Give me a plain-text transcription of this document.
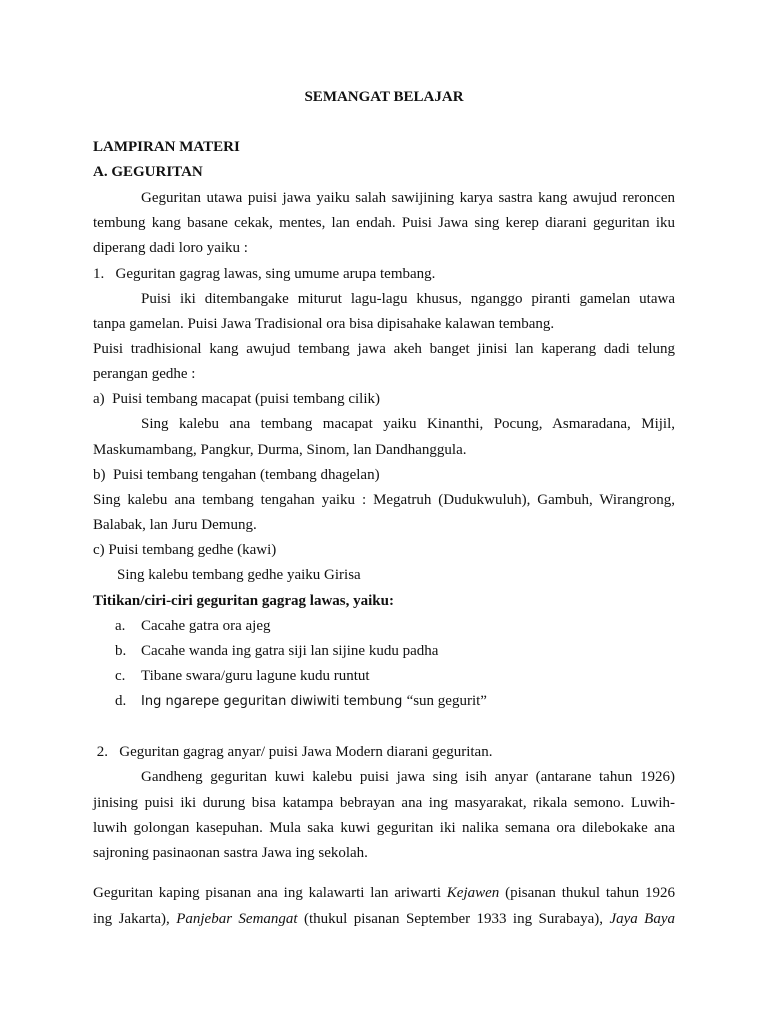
SEMANGAT BELAJAR
LAMPIRAN MATERI
A. GEGURITAN
Geguritan utawa puisi jawa yaiku salah sawijining karya sastra kang awujud reroncen
tembung kang basane cekak, mentes, lan endah. Puisi Jawa sing kerep diarani geguritan iku
diperang dadi loro yaiku :
1.   Geguritan gagrag lawas, sing umume arupa tembang.
Puisi iki ditembangake miturut lagu-lagu khusus, nganggo piranti gamelan utawa
tanpa gamelan. Puisi Jawa Tradisional ora bisa dipisahake kalawan tembang.
Puisi tradhisional kang awujud tembang jawa akeh banget jinisi lan kaperang dadi telung
perangan gedhe :
a)  Puisi tembang macapat (puisi tembang cilik)
Sing kalebu ana tembang macapat yaiku Kinanthi, Pocung, Asmaradana, Mijil,
Maskumambang, Pangkur, Durma, Sinom, lan Dandhanggula.
b)  Puisi tembang tengahan (tembang dhagelan)
Sing kalebu ana tembang tengahan yaiku : Megatruh (Dudukwuluh), Gambuh, Wirangrong,
Balabak, lan Juru Demung.
c) Puisi tembang gedhe (kawi)
Sing kalebu tembang gedhe yaiku Girisa
Titikan/ciri-ciri geguritan gagrag lawas, yaiku:
a. Cacahe gatra ora ajeg
b. Cacahe wanda ing gatra siji lan sijine kudu padha
c. Tibane swara/guru lagune kudu runtut
d. Ing ngarepe geguritan diwiwiti tembung “sun gegurit”
2.   Geguritan gagrag anyar/ puisi Jawa Modern diarani geguritan.
Gandheng geguritan kuwi kalebu puisi jawa sing isih anyar (antarane tahun 1926)
jinising puisi iki durung bisa katampa bebrayan ana ing masyarakat, rikala semono. Luwih-
luwih golongan kasepuhan. Mula saka kuwi geguritan iki nalika semana ora dilebokake ana
sajroning pasinaonan sastra Jawa ing sekolah.
Geguritan kaping pisanan ana ing kalawarti lan ariwarti Kejawen (pisanan thukul tahun 1926
ing Jakarta), Panjebar Semangat (thukul pisanan September 1933 ing Surabaya), Jaya Baya
